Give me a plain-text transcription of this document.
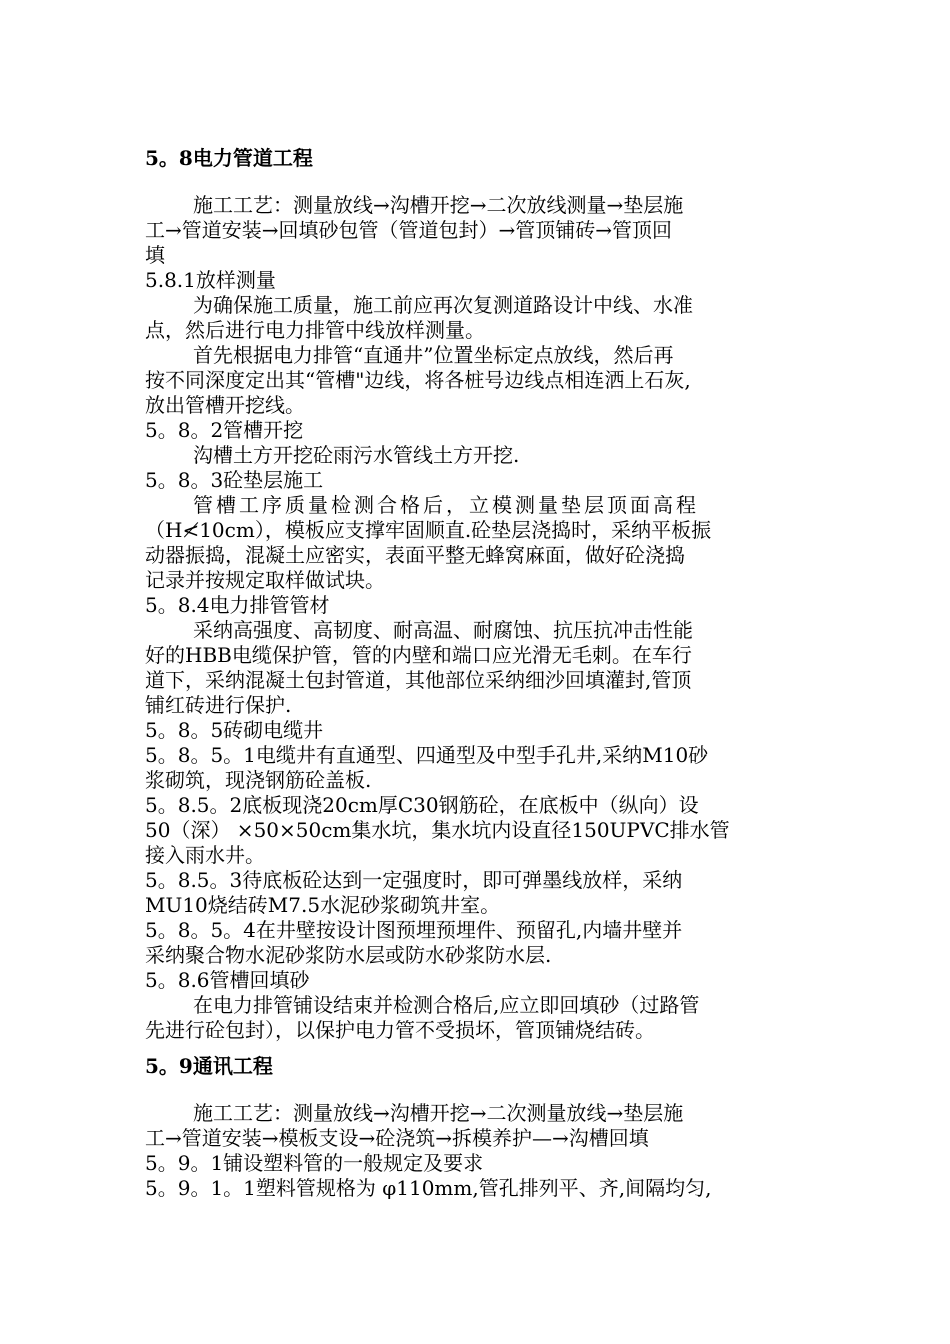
5。8电力管道工程
施工工艺：测量放线→沟槽开挖→二次放线测量→垫层施
工→管道安装→回填砂包管（管道包封）→管顶铺砖→管顶回
填
5.8.1放样测量
为确保施工质量，施工前应再次复测道路设计中线、水准
点，然后进行电力排管中线放样测量。
首先根据电力排管“直通井”位置坐标定点放线，然后再
按不同深度定出其“管槽"边线，将各桩号边线点相连洒上石灰,
放出管槽开挖线。
5。8。2管槽开挖
沟槽土方开挖砼雨污水管线土方开挖.
5。8。3砼垫层施工
管槽工序质量检测合格后，立模测量垫层顶面高程
（H≮10cm），模板应支撑牢固顺直.砼垫层浇捣时，采纳平板振
动器振捣，混凝土应密实，表面平整无蜂窝麻面，做好砼浇捣
记录并按规定取样做试块。
5。8.4电力排管管材
采纳高强度、高韧度、耐高温、耐腐蚀、抗压抗冲击性能
好的HBB电缆保护管，管的内壁和端口应光滑无毛刺。在车行
道下，采纳混凝土包封管道，其他部位采纳细沙回填灌封,管顶
铺红砖进行保护.
5。8。5砖砌电缆井
5。8。5。1电缆井有直通型、四通型及中型手孔井,采纳M10砂
浆砌筑，现浇钢筋砼盖板.
5。8.5。2底板现浇20cm厚C30钢筋砼，在底板中（纵向）设
50（深） ×50×50cm集水坑，集水坑内设直径150UPVC排水管
接入雨水井。
5。8.5。3待底板砼达到一定强度时，即可弹墨线放样，采纳
MU10烧结砖M7.5水泥砂浆砌筑井室。
5。8。5。4在井壁按设计图预埋预埋件、预留孔,内墙井壁并
采纳聚合物水泥砂浆防水层或防水砂浆防水层.
5。8.6管槽回填砂
在电力排管铺设结束并检测合格后,应立即回填砂（过路管
先进行砼包封），以保护电力管不受损坏，管顶铺烧结砖。
5。9通讯工程
施工工艺：测量放线→沟槽开挖→二次测量放线→垫层施
工→管道安装→模板支设→砼浇筑→拆模养护—→沟槽回填
5。9。1铺设塑料管的一般规定及要求
5。9。1。1塑料管规格为 φ110mm,管孔排列平、齐,间隔均匀,
